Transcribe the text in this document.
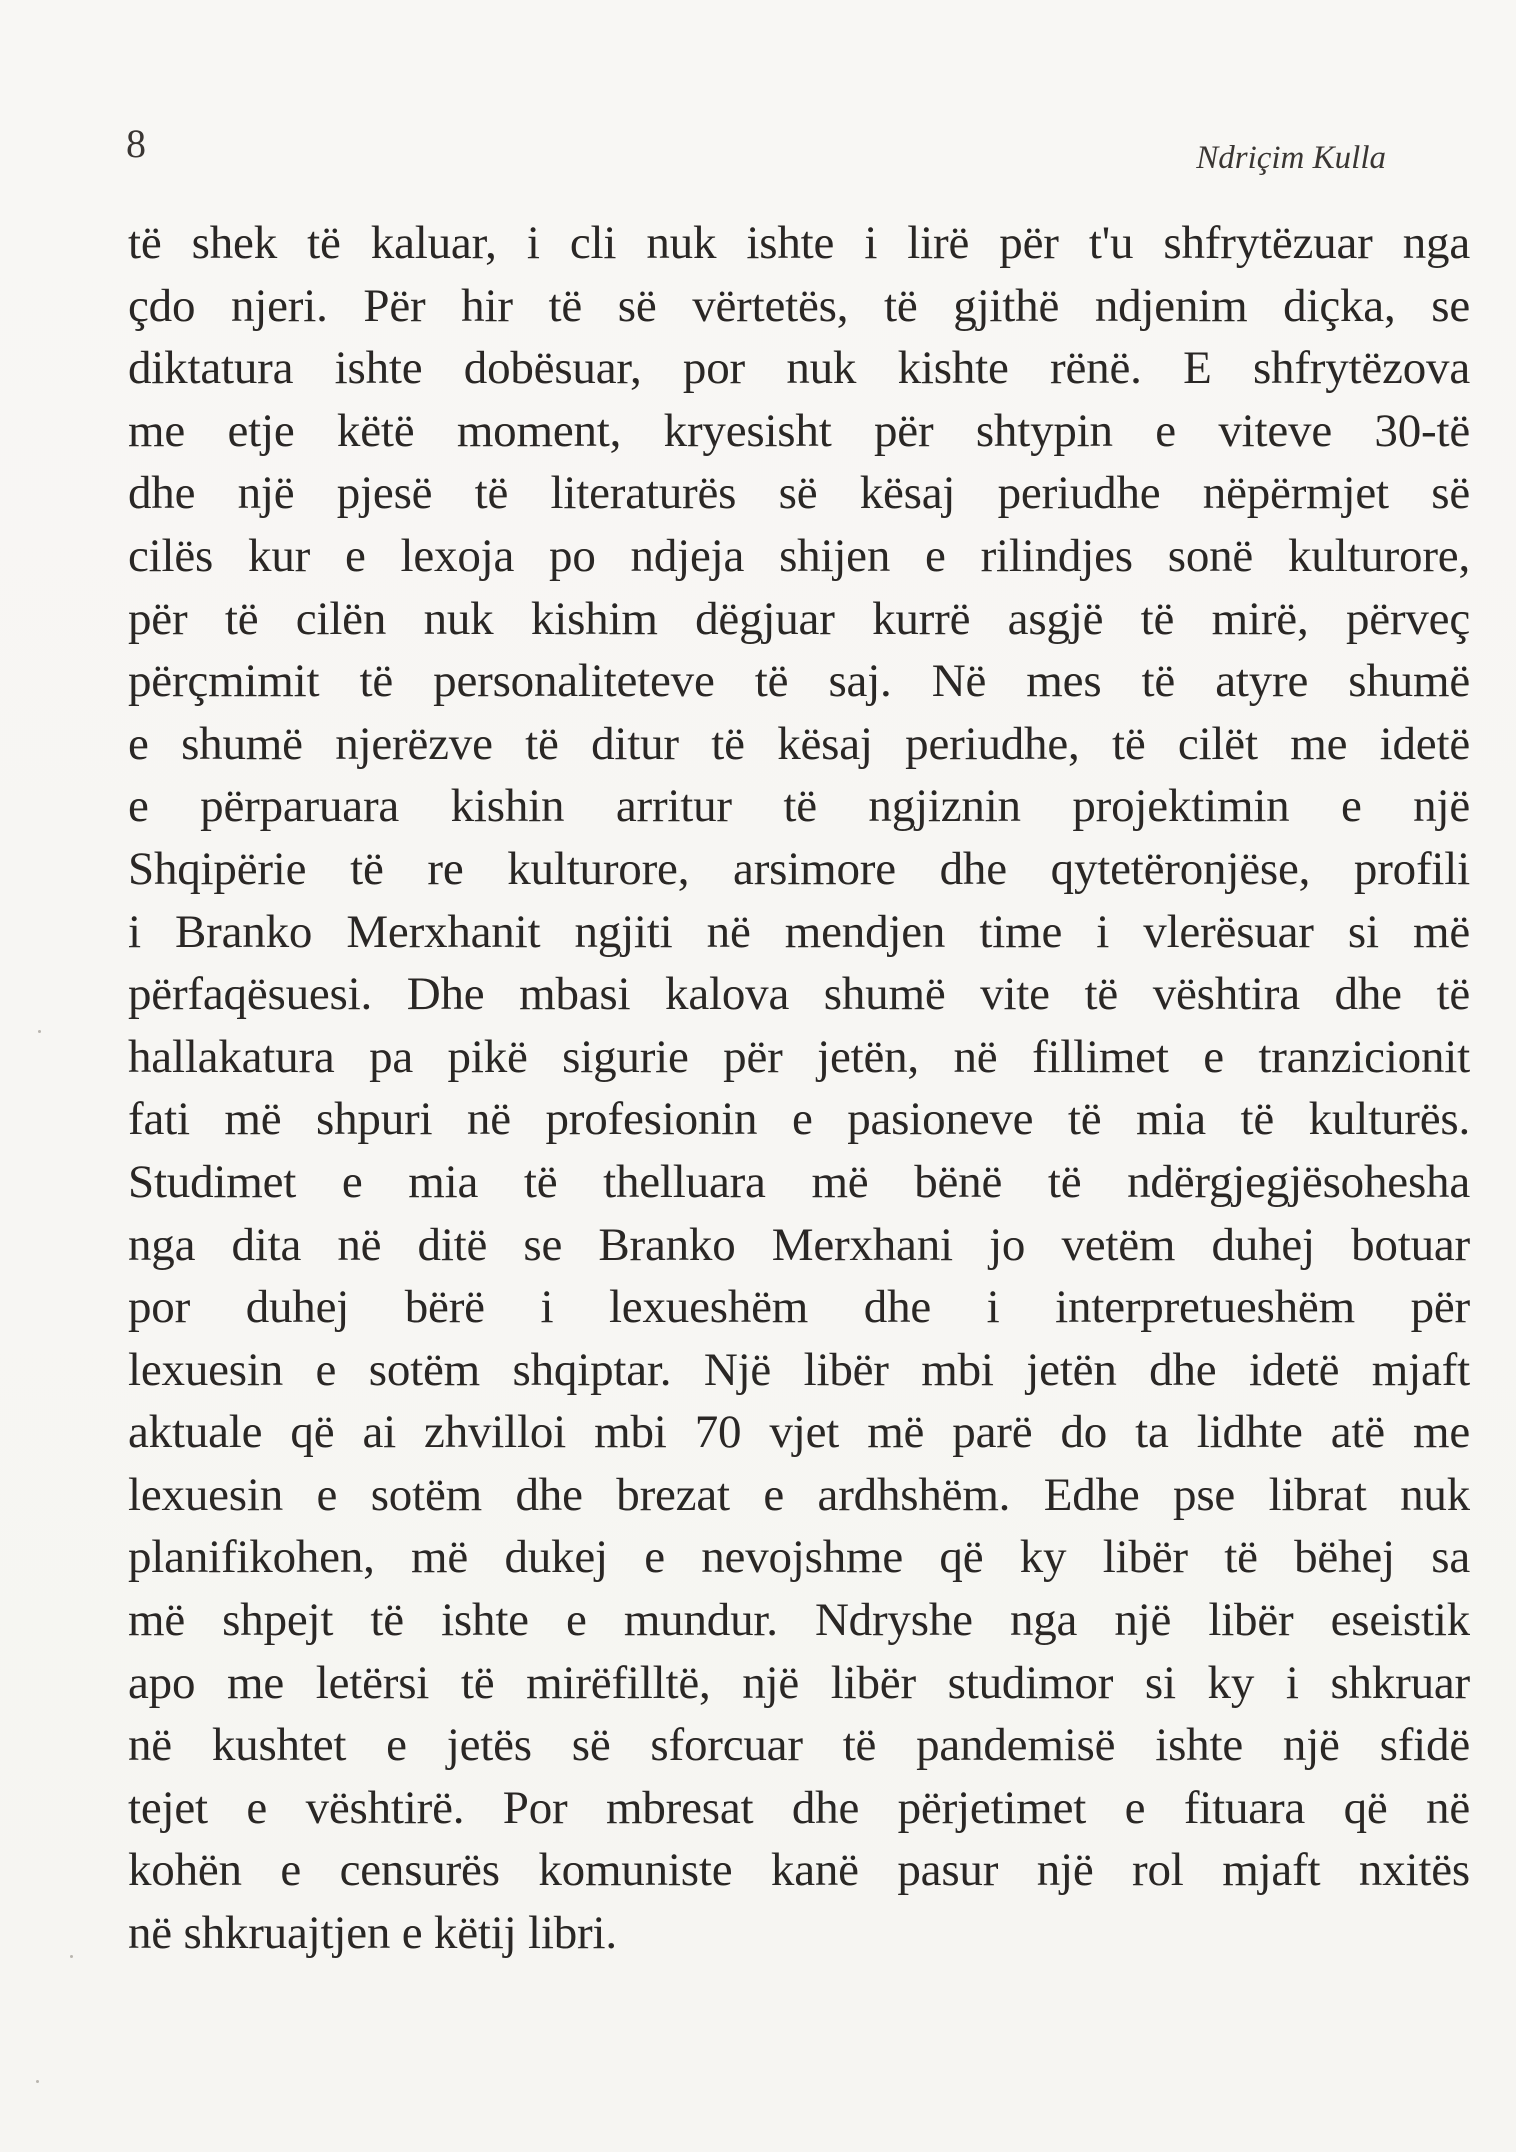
8	Ndriçim Kulla
të shek të kaluar, i cli nuk ishte i lirë për t'u shfrytëzuar nga
çdo njeri. Për hir të së vërtetës, të gjithë ndjenim diçka, se
diktatura ishte dobësuar, por nuk kishte rënë. E shfrytëzova
me etje këtë moment, kryesisht për shtypin e viteve 30-të
dhe një pjesë të literaturës së kësaj periudhe nëpërmjet së
cilës kur e lexoja po ndjeja shijen e rilindjes sonë kulturore,
për të cilën nuk kishim dëgjuar kurrë asgjë të mirë, përveç
përçmimit të personaliteteve të saj. Në mes të atyre shumë
e shumë njerëzve të ditur të kësaj periudhe, të cilët me idetë
e përparuara kishin arritur të ngjiznin projektimin e një
Shqipërie të re kulturore, arsimore dhe qytetëronjëse, profili
i Branko Merxhanit ngjiti në mendjen time i vlerësuar si më
përfaqësuesi. Dhe mbasi kalova shumë vite të vështira dhe të
hallakatura pa pikë sigurie për jetën, në fillimet e tranzicionit
fati më shpuri në profesionin e pasioneve të mia të kulturës.
Studimet e mia të thelluara më bënë të ndërgjegjësohesha
nga dita në ditë se Branko Merxhani jo vetëm duhej botuar
por duhej bërë i lexueshëm dhe i interpretueshëm për
lexuesin e sotëm shqiptar. Një libër mbi jetën dhe idetë mjaft
aktuale që ai zhvilloi mbi 70 vjet më parë do ta lidhte atë me
lexuesin e sotëm dhe brezat e ardhshëm. Edhe pse librat nuk
planifikohen, më dukej e nevojshme që ky libër të bëhej sa
më shpejt të ishte e mundur. Ndryshe nga një libër eseistik
apo me letërsi të mirëfilltë, një libër studimor si ky i shkruar
në kushtet e jetës së sforcuar të pandemisë ishte një sfidë
tejet e vështirë. Por mbresat dhe përjetimet e fituara që në
kohën e censurës komuniste kanë pasur një rol mjaft nxitës
në shkruajtjen e këtij libri.
